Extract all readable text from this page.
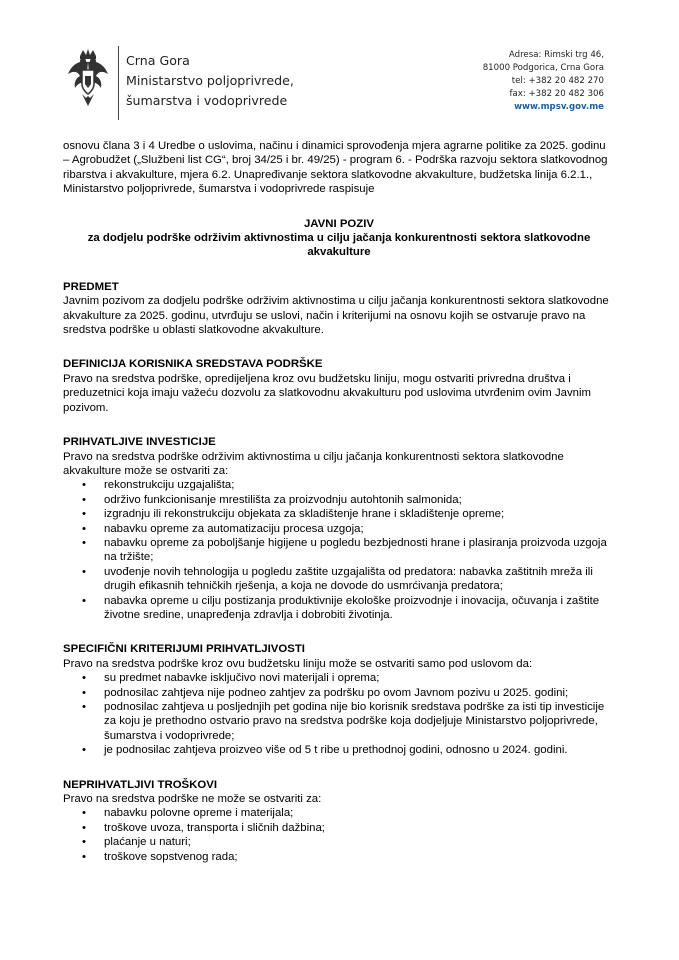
Crna Gora
Ministarstvo poljoprivrede,
šumarstva i vodoprivrede
Adresa: Rimski trg 46,
81000 Podgorica, Crna Gora
tel: +382 20 482 270
fax: +382 20 482 306
www.mpsv.gov.me

osnovu člana 3 i 4 Uredbe o uslovima, načinu i dinamici sprovođenja mjera agrarne politike za 2025. godinu – Agrobudžet („Službeni list CG“, broj 34/25 i br. 49/25) - program 6. - Podrška razvoju sektora slatkovodnog ribarstva i akvakulture, mjera 6.2. Unapređivanje sektora slatkovodne akvakulture, budžetska linija 6.2.1., Ministarstvo poljoprivrede, šumarstva i vodoprivrede raspisuje

JAVNI POZIV
za dodjelu podrške održivim aktivnostima u cilju jačanja konkurentnosti sektora slatkovodne akvakulture
PREDMET

Javnim pozivom za dodjelu podrške održivim aktivnostima u cilju jačanja konkurentnosti sektora slatkovodne akvakulture za 2025. godinu, utvrđuju se uslovi, način i kriterijumi na osnovu kojih se ostvaruje pravo na sredstva podrške u oblasti slatkovodne akvakulture.

DEFINICIJA KORISNIKA SREDSTAVA PODRŠKE

Pravo na sredstva podrške, opredijeljena kroz ovu budžetsku liniju, mogu ostvariti privredna društva i preduzetnici koja imaju važeću dozvolu za slatkovodnu akvakulturu pod uslovima utvrđenim ovim Javnim pozivom.

PRIHVATLJIVE INVESTICIJE

Pravo na sredstva podrške održivim aktivnostima u cilju jačanja konkurentnosti sektora slatkovodne akvakulture može se ostvariti za:

• rekonstrukciju uzgajališta;
• održivo funkcionisanje mrestilišta za proizvodnju autohtonih salmonida;
• izgradnju ili rekonstrukciju objekata za skladištenje hrane i skladištenje opreme;
• nabavku opreme za automatizaciju procesa uzgoja;
• nabavku opreme za poboljšanje higijene u pogledu bezbjednosti hrane i plasiranja proizvoda uzgoja na tržište;
• uvođenje novih tehnologija u pogledu zaštite uzgajališta od predatora: nabavka zaštitnih mreža ili drugih efikasnih tehničkih rješenja, a koja ne dovode do usmrćivanja predatora;
• nabavka opreme u cilju postizanja produktivnije ekološke proizvodnje i inovacija, očuvanja i zaštite životne sredine, unapređenja zdravlja i dobrobiti životinja.
SPECIFIČNI KRITERIJUMI PRIHVATLJIVOSTI

Pravo na sredstva podrške kroz ovu budžetsku liniju može se ostvariti samo pod uslovom da:

• su predmet nabavke isključivo novi materijali i oprema;
• podnosilac zahtjeva nije podneo zahtjev za podršku po ovom Javnom pozivu u 2025. godini;
• podnosilac zahtjeva u posljednjih pet godina nije bio korisnik sredstava podrške za isti tip investicije za koju je prethodno ostvario pravo na sredstva podrške koja dodjeljuje Ministarstvo poljoprivrede, šumarstva i vodoprivrede;
• je podnosilac zahtjeva proizveo više od 5 t ribe u prethodnoj godini, odnosno u 2024. godini.
NEPRIHVATLJIVI TROŠKOVI

Pravo na sredstva podrške ne može se ostvariti za:

• nabavku polovne opreme i materijala;
• troškove uvoza, transporta i sličnih dažbina;
• plaćanje u naturi;
• troškove sopstvenog rada;
